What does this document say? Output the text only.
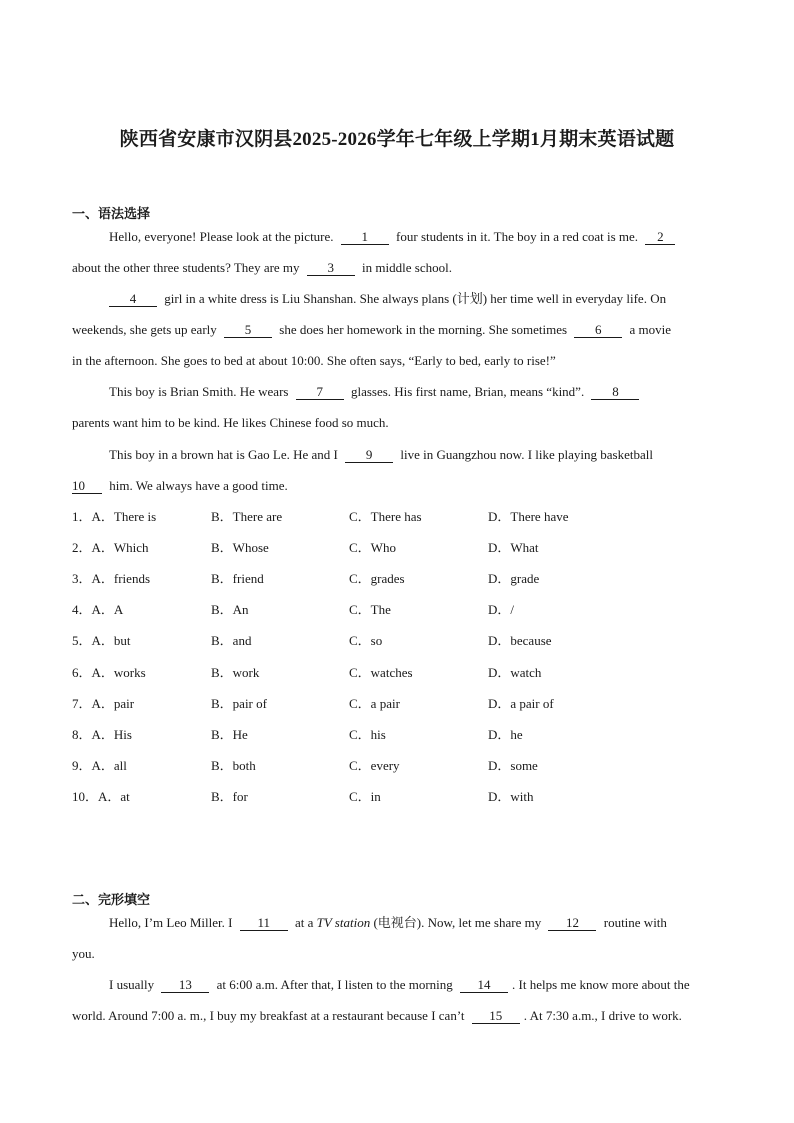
陕西省安康市汉阴县2025-2026学年七年级上学期1月期末英语试题
一、语法选择
Hello, everyone! Please look at the picture. 1 four students in it. The boy in a red coat is me. 2
about the other three students? They are my 3 in middle school.
4 girl in a white dress is Liu Shanshan. She always plans (计划) her time well in everyday life. On
weekends, she gets up early 5 she does her homework in the morning. She sometimes 6 a movie
in the afternoon. She goes to bed at about 10:00. She often says, “Early to bed, early to rise!”
This boy is Brian Smith. He wears 7 glasses. His first name, Brian, means “kind”. 8
parents want him to be kind. He likes Chinese food so much.
This boy in a brown hat is Gao Le. He and I 9 live in Guangzhou now. I like playing basketball
10 him. We always have a good time.
1．A．There is	B．There are	C．There has	D．There have
2．A．Which	B．Whose	C．Who	D．What
3．A．friends	B．friend	C．grades	D．grade
4．A．A	B．An	C．The	D．/
5．A．but	B．and	C．so	D．because
6．A．works	B．work	C．watches	D．watch
7．A．pair	B．pair of	C．a pair	D．a pair of
8．A．His	B．He	C．his	D．he
9．A．all	B．both	C．every	D．some
10．A．at	B．for	C．in	D．with
二、完形填空
Hello, I’m Leo Miller. I 11 at a TV station (电视台). Now, let me share my 12 routine with
you.
I usually 13 at 6:00 a.m. After that, I listen to the morning 14 . It helps me know more about the
world. Around 7:00 a. m., I buy my breakfast at a restaurant because I can’t 15 . At 7:30 a.m., I drive to work.
